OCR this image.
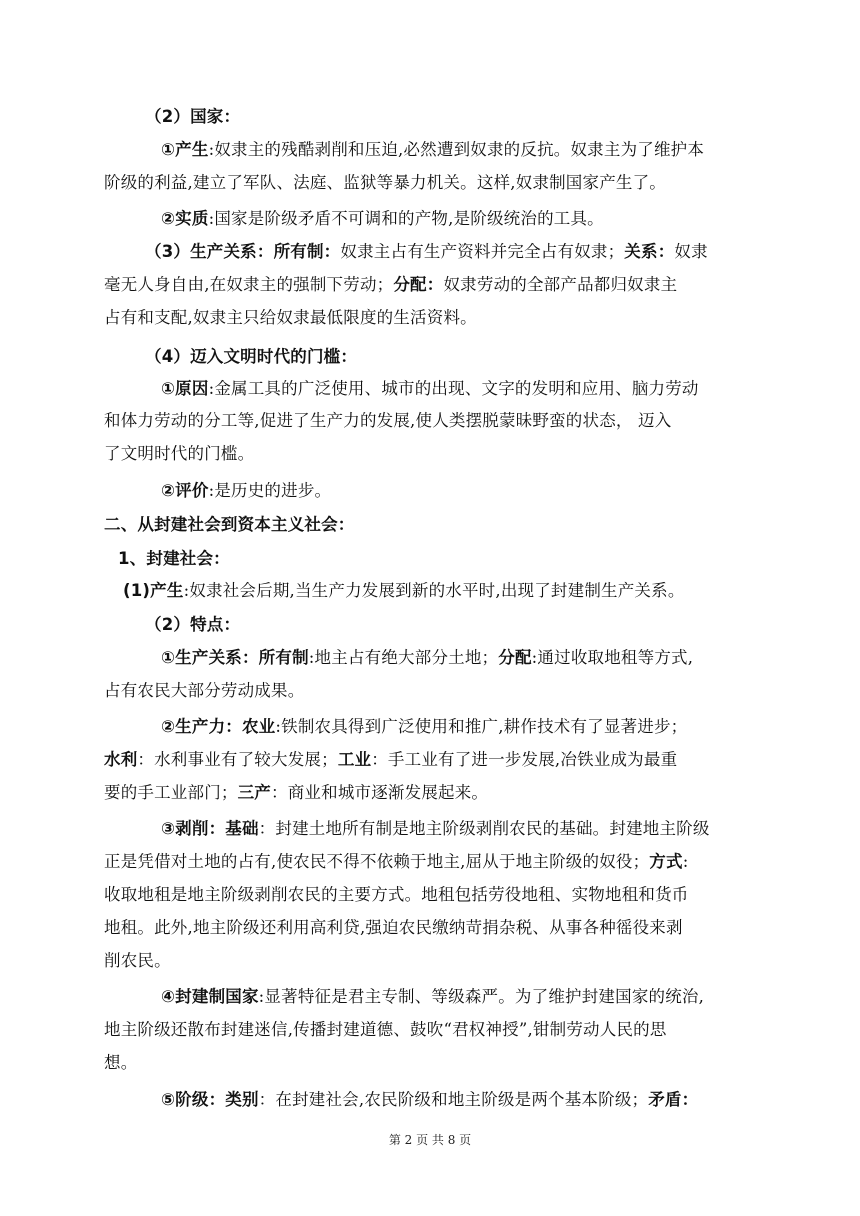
（2）国家：
①产生:奴隶主的残酷剥削和压迫,必然遭到奴隶的反抗。奴隶主为了维护本
阶级的利益,建立了军队、法庭、监狱等暴力机关。这样,奴隶制国家产生了。
②实质:国家是阶级矛盾不可调和的产物,是阶级统治的工具。
（3）生产关系：所有制：奴隶主占有生产资料并完全占有奴隶；关系：奴隶
毫无人身自由,在奴隶主的强制下劳动；分配：奴隶劳动的全部产品都归奴隶主
占有和支配,奴隶主只给奴隶最低限度的生活资料。
（4）迈入文明时代的门槛：
①原因:金属工具的广泛使用、城市的出现、文字的发明和应用、脑力劳动
和体力劳动的分工等,促进了生产力的发展,使人类摆脱蒙昧野蛮的状态， 迈入
了文明时代的门槛。
②评价:是历史的进步。
二、从封建社会到资本主义社会：
1、封建社会：
(1)产生:奴隶社会后期,当生产力发展到新的水平时,出现了封建制生产关系。
（2）特点：
①生产关系：所有制:地主占有绝大部分土地；分配:通过收取地租等方式,
占有农民大部分劳动成果。
②生产力：农业:铁制农具得到广泛使用和推广,耕作技术有了显著进步；
水利：水利事业有了较大发展；工业：手工业有了进一步发展,冶铁业成为最重
要的手工业部门；三产：商业和城市逐渐发展起来。
③剥削：基础：封建土地所有制是地主阶级剥削农民的基础。封建地主阶级
正是凭借对土地的占有,使农民不得不依赖于地主,屈从于地主阶级的奴役；方式:
收取地租是地主阶级剥削农民的主要方式。地租包括劳役地租、实物地租和货币
地租。此外,地主阶级还利用高利贷,强迫农民缴纳苛捐杂税、从事各种徭役来剥
削农民。
④封建制国家:显著特征是君主专制、等级森严。为了维护封建国家的统治,
地主阶级还散布封建迷信,传播封建道德、鼓吹“君权神授”,钳制劳动人民的思
想。
⑤阶级：类别：在封建社会,农民阶级和地主阶级是两个基本阶级；矛盾：
第 2 页 共 8 页
